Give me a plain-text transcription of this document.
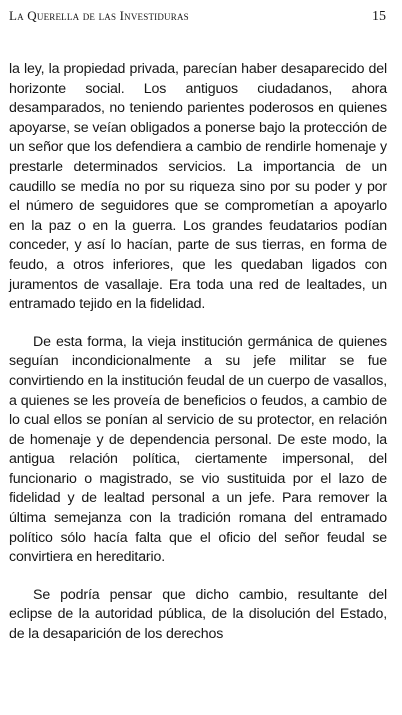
La Querella de las Investiduras	15

la ley, la propiedad privada, parecían haber desaparecido del horizonte social. Los antiguos ciudadanos, ahora desamparados, no teniendo parientes poderosos en quienes apoyarse, se veían obligados a ponerse bajo la protección de un señor que los defendiera a cambio de rendirle homenaje y prestarle determinados servicios. La importancia de un caudillo se medía no por su riqueza sino por su poder y por el número de seguidores que se comprometían a apoyarlo en la paz o en la guerra. Los grandes feudatarios podían conceder, y así lo hacían, parte de sus tierras, en forma de feudo, a otros inferiores, que les quedaban ligados con juramentos de vasallaje. Era toda una red de lealtades, un entramado tejido en la fidelidad.

De esta forma, la vieja institución germánica de quienes seguían incondicionalmente a su jefe militar se fue convirtiendo en la institución feudal de un cuerpo de vasallos, a quienes se les proveía de beneficios o feudos, a cambio de lo cual ellos se ponían al servicio de su protector, en relación de homenaje y de dependencia personal. De este modo, la antigua relación política, ciertamente impersonal, del funcionario o magistrado, se vio sustituida por el lazo de fidelidad y de lealtad personal a un jefe. Para remover la última semejanza con la tradición romana del entramado político sólo hacía falta que el oficio del señor feudal se convirtiera en hereditario.

Se podría pensar que dicho cambio, resultante del eclipse de la autoridad pública, de la disolución del Estado, de la desaparición de los derechos
